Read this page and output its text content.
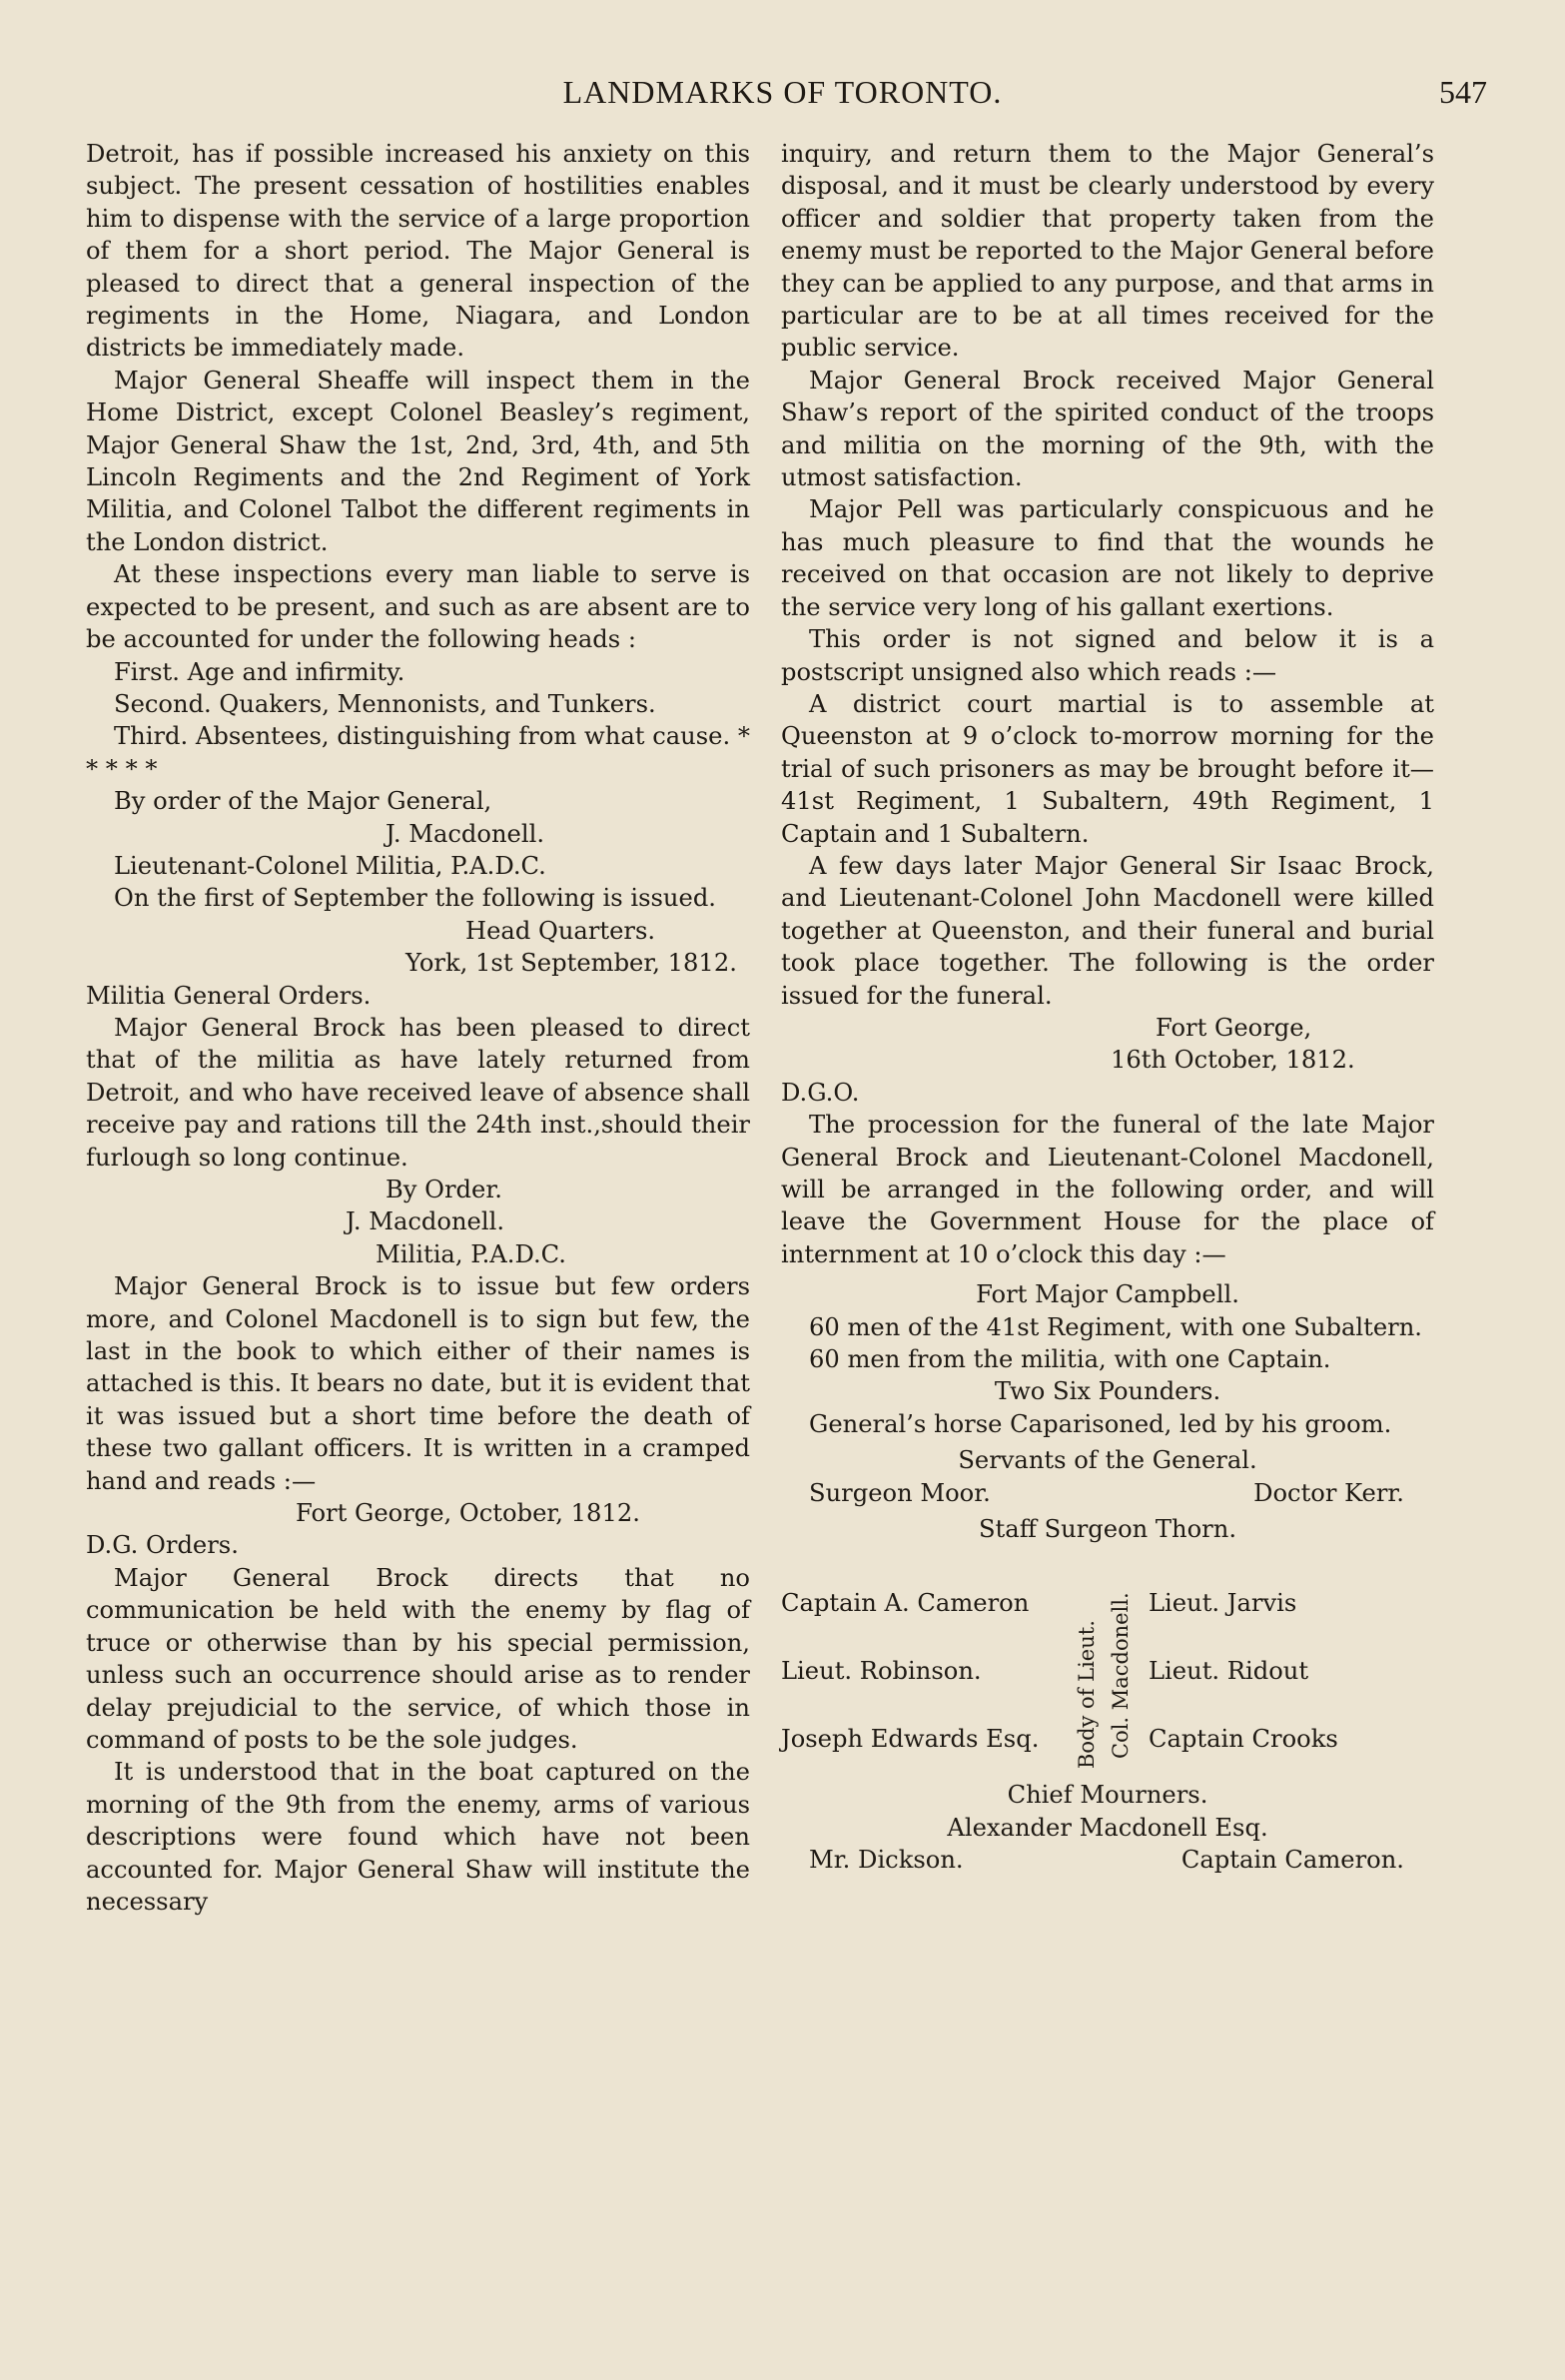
LANDMARKS OF TORONTO.	547

Detroit, has if possible increased his anxiety on this subject. The present cessation of hostilities enables him to dispense with the service of a large proportion of them for a short period. The Major General is pleased to direct that a general inspection of the regiments in the Home, Niagara, and London districts be immediately made.

Major General Sheaffe will inspect them in the Home District, except Colonel Beasley’s regiment, Major General Shaw the 1st, 2nd, 3rd, 4th, and 5th Lincoln Regiments and the 2nd Regiment of York Militia, and Colonel Talbot the different regiments in the London district.

At these inspections every man liable to serve is expected to be present, and such as are absent are to be accounted for under the following heads :

First. Age and infirmity.

Second. Quakers, Mennonists, and Tunkers.

Third. Absentees, distinguishing from what cause. * * * * *

By order of the Major General,

J. Macdonell.

Lieutenant-Colonel Militia, P.A.D.C.

On the first of September the following is issued.

Head Quarters.

York, 1st September, 1812.

Militia General Orders.

Major General Brock has been pleased to direct that of the militia as have lately returned from Detroit, and who have received leave of absence shall receive pay and rations till the 24th inst.,should their furlough so long continue.

By Order.

J. Macdonell.

Militia, P.A.D.C.

Major General Brock is to issue but few orders more, and Colonel Macdonell is to sign but few, the last in the book to which either of their names is attached is this. It bears no date, but it is evident that it was issued but a short time before the death of these two gallant officers. It is written in a cramped hand and reads :—

Fort George, October, 1812.

D.G. Orders.

Major General Brock directs that no communication be held with the enemy by flag of truce or otherwise than by his special permission, unless such an occurrence should arise as to render delay prejudicial to the service, of which those in command of posts to be the sole judges.

It is understood that in the boat captured on the morning of the 9th from the enemy, arms of various descriptions were found which have not been accounted for. Major General Shaw will institute the necessary

inquiry, and return them to the Major General’s disposal, and it must be clearly understood by every officer and soldier that property taken from the enemy must be reported to the Major General before they can be applied to any purpose, and that arms in particular are to be at all times received for the public service.

Major General Brock received Major General Shaw’s report of the spirited conduct of the troops and militia on the morning of the 9th, with the utmost satisfaction.

Major Pell was particularly conspicuous and he has much pleasure to find that the wounds he received on that occasion are not likely to deprive the service very long of his gallant exertions.

This order is not signed and below it is a postscript unsigned also which reads :—

A district court martial is to assemble at Queenston at 9 o’clock to-morrow morning for the trial of such prisoners as may be brought before it— 41st Regiment, 1 Subaltern, 49th Regiment, 1 Captain and 1 Subaltern.

A few days later Major General Sir Isaac Brock, and Lieutenant-Colonel John Macdonell were killed together at Queenston, and their funeral and burial took place together. The following is the order issued for the funeral.

Fort George,

16th October, 1812.

D.G.O.

The procession for the funeral of the late Major General Brock and Lieutenant-Colonel Macdonell, will be arranged in the following order, and will leave the Government House for the place of internment at 10 o’clock this day :—

Fort Major Campbell.

60 men of the 41st Regiment, with one Subaltern.

60 men from the militia, with one Captain.

Two Six Pounders.

General’s horse Caparisoned, led by his groom.

Servants of the General.

Surgeon Moor.	Doctor Kerr.

Staff Surgeon Thorn.

Captain A. Cameron	Lieut. Jarvis
Lieut. Robinson.	Lieut. Ridout
Joseph Edwards Esq.	Captain Crooks
Body of Lieut. Col. Macdonell.

Chief Mourners.

Alexander Macdonell Esq.

Mr. Dickson.	Captain Cameron.
